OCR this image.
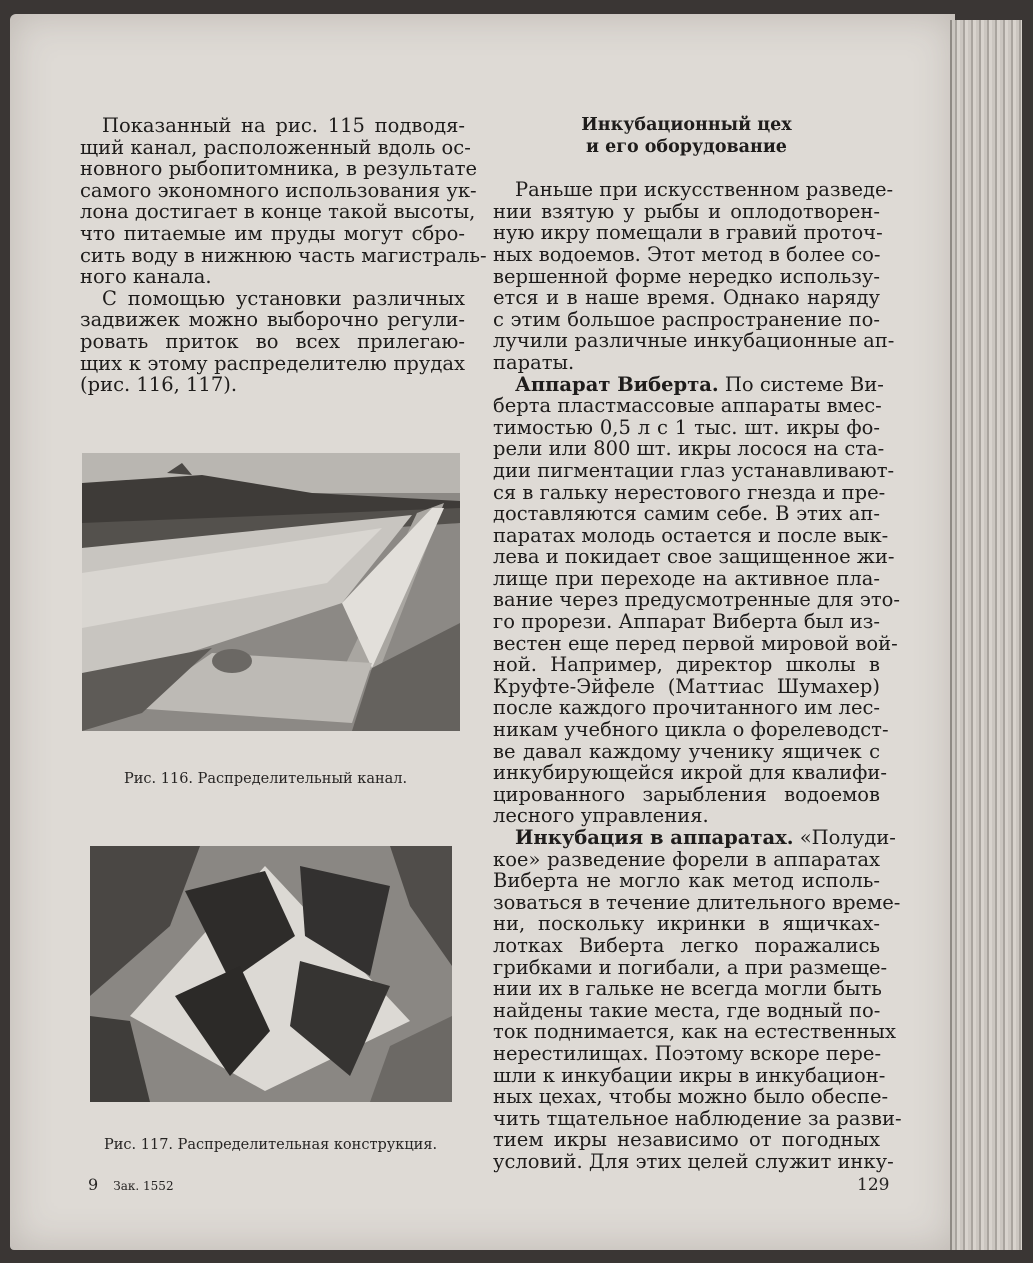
Показанный на рис. 115 подводя-
щий канал, расположенный вдоль ос-
новного рыбопитомника, в результате
самого экономного использования ук-
лона достигает в конце такой высоты,
что питаемые им пруды могут сбро-
сить воду в нижнюю часть магистраль-
ного канала.
С помощью установки различных
задвижек можно выборочно регули-
ровать приток во всех прилегаю-
щих к этому распределителю прудах
(рис. 116, 117).
Инкубационный цех
и его оборудование
Раньше при искусственном разведе-
нии взятую у рыбы и оплодотворен-
ную икру помещали в гравий проточ-
ных водоемов. Этот метод в более со-
вершенной форме нередко использу-
ется и в наше время. Однако наряду
с этим большое распространение по-
лучили различные инкубационные ап-
параты.
Аппарат Виберта. По системе Ви-
берта пластмассовые аппараты вмес-
тимостью 0,5 л с 1 тыс. шт. икры фо-
рели или 800 шт. икры лосося на ста-
дии пигментации глаз устанавливают-
ся в гальку нерестового гнезда и пре-
доставляются самим себе. В этих ап-
паратах молодь остается и после вык-
лева и покидает свое защищенное жи-
лище при переходе на активное пла-
вание через предусмотренные для это-
го прорези. Аппарат Виберта был из-
вестен еще перед первой мировой вой-
ной. Например, директор школы в
Круфте-Эйфеле (Маттиас Шумахер)
после каждого прочитанного им лес-
никам учебного цикла о форелеводст-
ве давал каждому ученику ящичек с
инкубирующейся икрой для квалифи-
цированного зарыбления водоемов
лесного управления.
Инкубация в аппаратах. «Полуди-
кое» разведение форели в аппаратах
Виберта не могло как метод исполь-
зоваться в течение длительного време-
ни, поскольку икринки в ящичках-
лотках Виберта легко поражались
грибками и погибали, а при размеще-
нии их в гальке не всегда могли быть
найдены такие места, где водный по-
ток поднимается, как на естественных
нерестилищах. Поэтому вскоре пере-
шли к инкубации икры в инкубацион-
ных цехах, чтобы можно было обеспе-
чить тщательное наблюдение за разви-
тием икры независимо от погодных
условий. Для этих целей служит инку-
Рис. 116. Распределительный канал.
Рис. 117. Распределительная конструкция.
9 Зак. 1552	129
